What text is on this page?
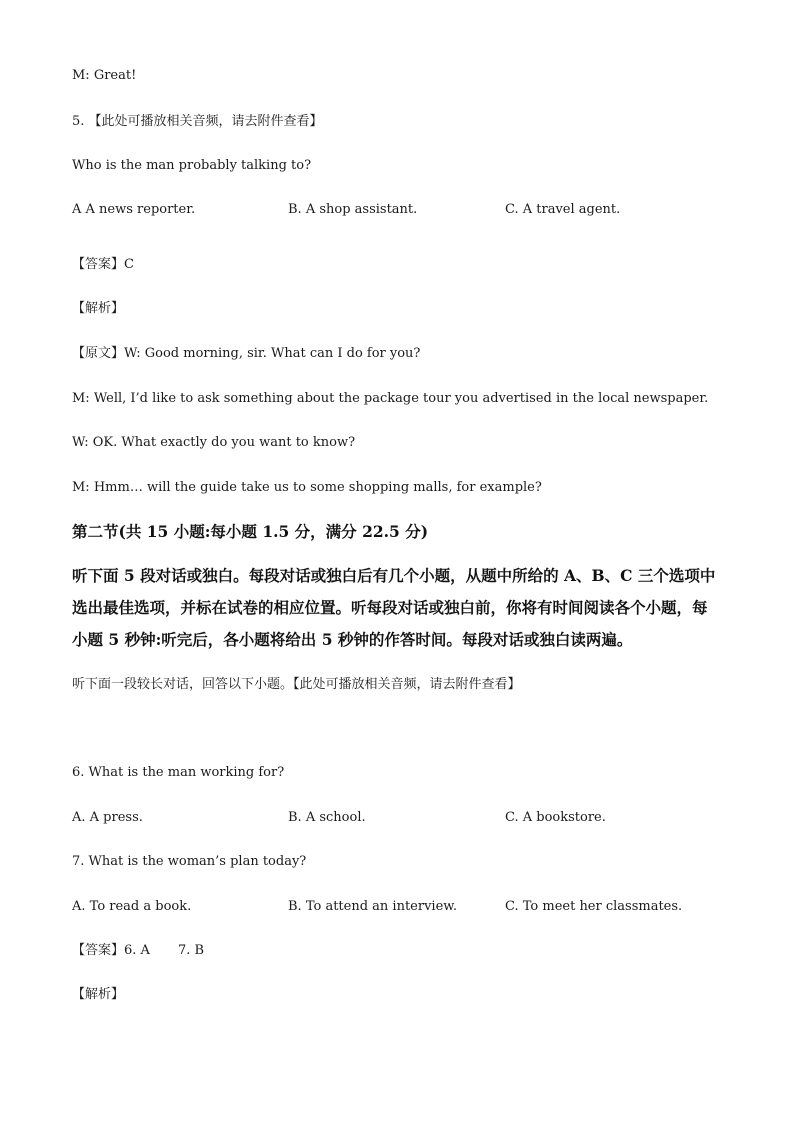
M: Great!
5. 【此处可播放相关音频，请去附件查看】
Who is the man probably talking to?
A A news reporter.	B. A shop assistant.	C. A travel agent.
【答案】C
【解析】
【原文】W: Good morning, sir. What can I do for you?
M: Well, I’d like to ask something about the package tour you advertised in the local newspaper.
W: OK. What exactly do you want to know?
M: Hmm… will the guide take us to some shopping malls, for example?
第二节(共 15 小题:每小题 1.5 分，满分 22.5 分)
听下面 5 段对话或独白。每段对话或独白后有几个小题，从题中所给的 A、B、C 三个选项中选出最佳选项，并标在试卷的相应位置。听每段对话或独白前，你将有时间阅读各个小题，每小题 5 秒钟:听完后，各小题将给出 5 秒钟的作答时间。每段对话或独白读两遍。
听下面一段较长对话，回答以下小题。【此处可播放相关音频，请去附件查看】
6. What is the man working for?
A. A press.	B. A school.	C. A bookstore.
7. What is the woman’s plan today?
A. To read a book.	B. To attend an interview.	C. To meet her classmates.
【答案】6. A 7. B
【解析】
